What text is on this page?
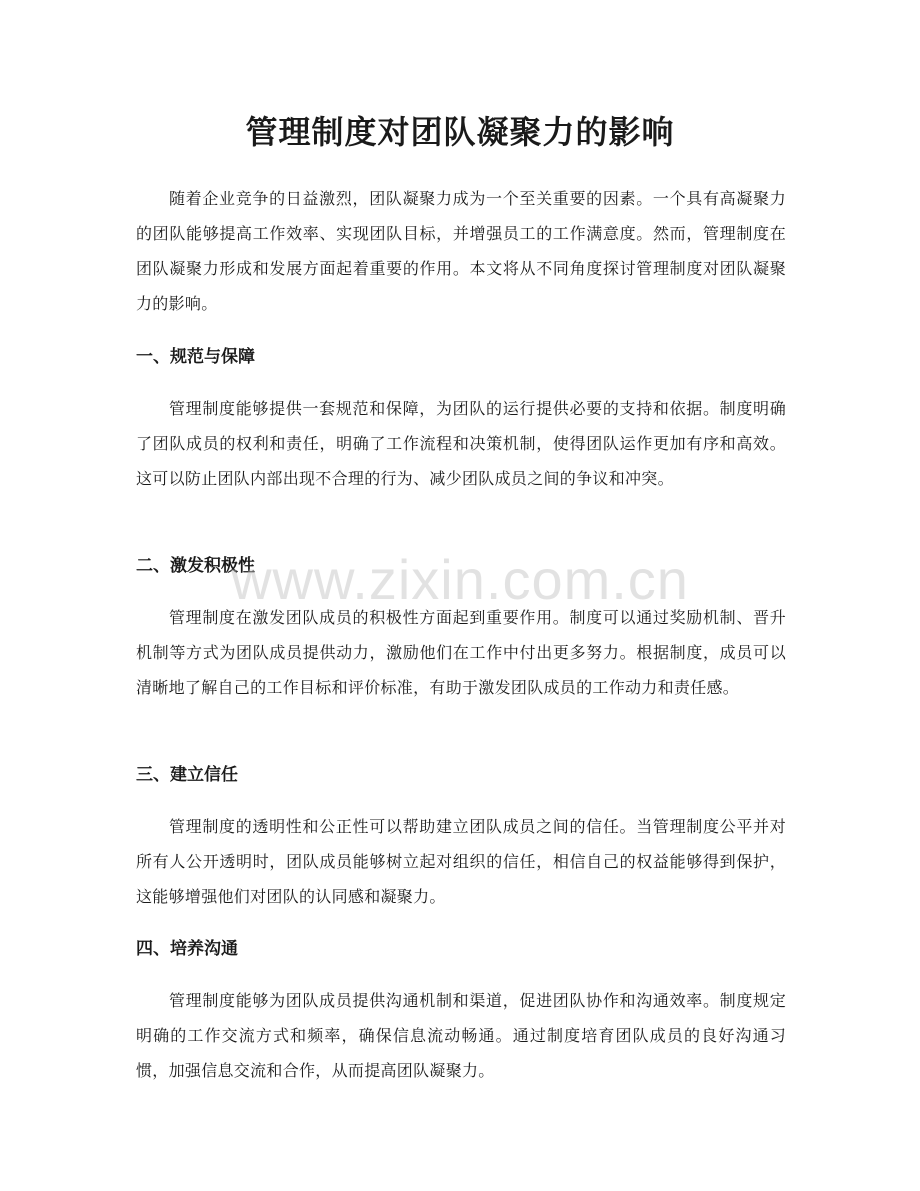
管理制度对团队凝聚力的影响
随着企业竞争的日益激烈，团队凝聚力成为一个至关重要的因素。一个具有高凝聚力的团队能够提高工作效率、实现团队目标，并增强员工的工作满意度。然而，管理制度在团队凝聚力形成和发展方面起着重要的作用。本文将从不同角度探讨管理制度对团队凝聚力的影响。
一、规范与保障
管理制度能够提供一套规范和保障，为团队的运行提供必要的支持和依据。制度明确了团队成员的权利和责任，明确了工作流程和决策机制，使得团队运作更加有序和高效。这可以防止团队内部出现不合理的行为、减少团队成员之间的争议和冲突。
二、激发积极性
管理制度在激发团队成员的积极性方面起到重要作用。制度可以通过奖励机制、晋升机制等方式为团队成员提供动力，激励他们在工作中付出更多努力。根据制度，成员可以清晰地了解自己的工作目标和评价标准，有助于激发团队成员的工作动力和责任感。
三、建立信任
管理制度的透明性和公正性可以帮助建立团队成员之间的信任。当管理制度公平并对所有人公开透明时，团队成员能够树立起对组织的信任，相信自己的权益能够得到保护，这能够增强他们对团队的认同感和凝聚力。
四、培养沟通
管理制度能够为团队成员提供沟通机制和渠道，促进团队协作和沟通效率。制度规定明确的工作交流方式和频率，确保信息流动畅通。通过制度培育团队成员的良好沟通习惯，加强信息交流和合作，从而提高团队凝聚力。
www.zixin.com.cn
